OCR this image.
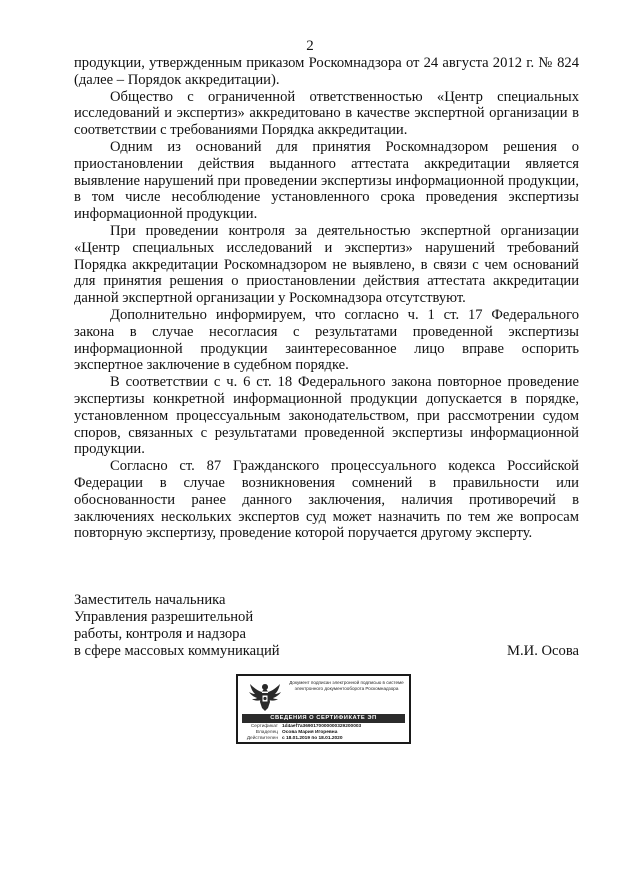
2

продукции, утвержденным приказом Роскомнадзора от 24 августа 2012 г. № 824 (далее – Порядок аккредитации).

Общество с ограниченной ответственностью «Центр специальных исследований и экспертиз» аккредитовано в качестве экспертной организации в соответствии с требованиями Порядка аккредитации.

Одним из оснований для принятия Роскомнадзором решения о приостановлении действия выданного аттестата аккредитации является выявление нарушений при проведении экспертизы информационной продукции, в том числе несоблюдение установленного срока проведения экспертизы информационной продукции.

При проведении контроля за деятельностью экспертной организации «Центр специальных исследований и экспертиз» нарушений требований Порядка аккредитации Роскомнадзором не выявлено, в связи с чем оснований для принятия решения о приостановлении действия аттестата аккредитации данной экспертной организации у Роскомнадзора отсутствуют.

Дополнительно информируем, что согласно ч. 1 ст. 17 Федерального закона в случае несогласия с результатами проведенной экспертизы информационной продукции заинтересованное лицо вправе оспорить экспертное заключение в судебном порядке.

В соответствии с ч. 6 ст. 18 Федерального закона повторное проведение экспертизы конкретной информационной продукции допускается в порядке, установленном процессуальным законодательством, при рассмотрении судом споров, связанных с результатами проведенной экспертизы информационной продукции.

Согласно ст. 87 Гражданского процессуального кодекса Российской Федерации в случае возникновения сомнений в правильности или обоснованности ранее данного заключения, наличия противоречий в заключениях нескольких экспертов суд может назначить по тем же вопросам повторную экспертизу, проведение которой поручается другому эксперту.

Заместитель начальника
Управления разрешительной
работы, контроля и надзора
в сфере массовых коммуникаций	М.И. Осова
Документ подписан электронной подписью в системе электронного документооборота Роскомнадзора
СВЕДЕНИЯ О СЕРТИФИКАТЕ ЭП
Сертификат 1d4aef7a3690170000000329200003
Владелец Осова Мария Игоревна
Действителен с 18.01.2019 по 18.01.2020
